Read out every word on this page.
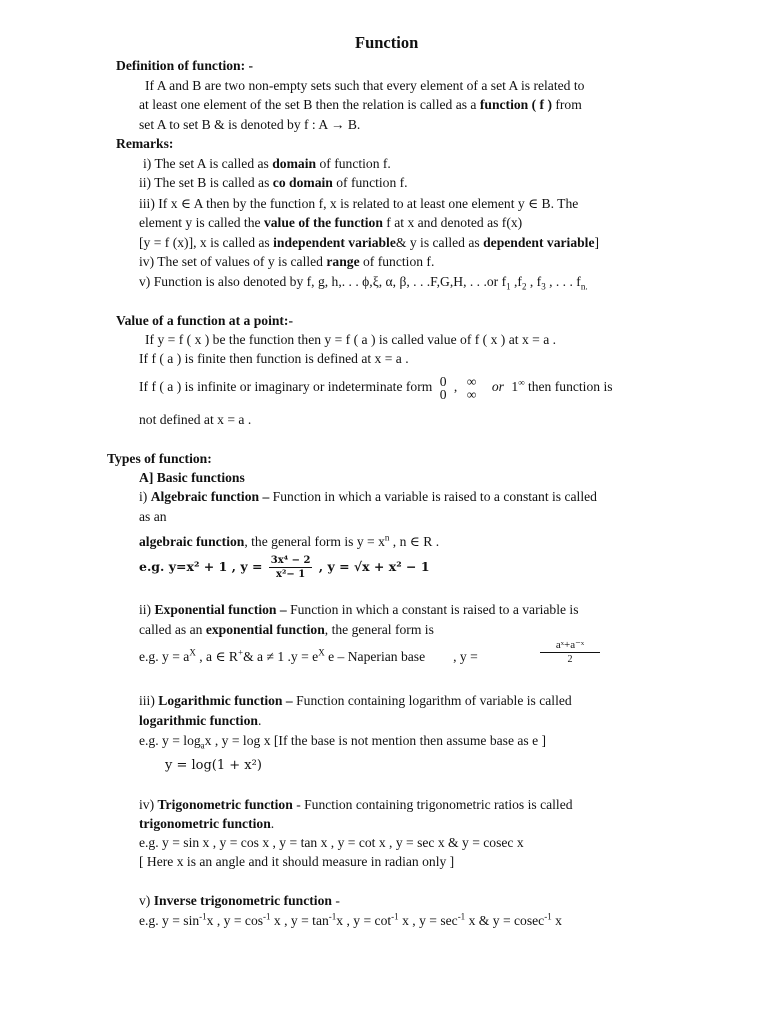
Function
Definition of function: -
If A and B are two non-empty sets such that every element of a set A is related to
at least one element of the set B then the relation is called as a function ( f ) from
set A to set B & is denoted by f : A → B.
Remarks:
i) The set A is called as domain of function f.
ii) The set B is called as co domain of function f.
iii) If x ∈ A then by the function f, x is related to at least one element y ∈ B. The
element y is called the value of the function f at x and denoted as f(x)
[y = f (x)], x is called as independent variable& y is called as dependent variable]
iv) The set of values of y is called range of function f.
v) Function is also denoted by f, g, h,. . . ϕ,ξ, α, β, . . .F,G,H, . . .or $f_1$ $,f_2$ , $f_3$ , . . . $f_{n.}$
Value of a function at a point:-
If y = f ( x ) be the function then y = f ( a ) is called value of f ( x ) at x = a .
If f ( a ) is finite then function is defined at x = a .
If f ( a ) is infinite or imaginary or indeterminate form 0
0
, ∞
∞
or 1∞ then function is
not defined at x = a .
Types of function:
A] Basic functions
i) Algebraic function – Function in which a variable is raised to a constant is called
as an
algebraic function, the general form is $y = x^n$ , n ∈ R .
e.g. y=x² + 1 , $y = \frac{\text{3x⁴ − 2}}{\text{x²− 1}}$ , y = √x + x² − 1
ii) Exponential function – Function in which a constant is raised to a variable is
called as an exponential function, the general form is
e.g. $y = a^X$ , a ∈ R+& a ≠ 1 $.y = e^X$ e – Naperian base , y =
aˣ+a⁻ˣ
2
iii) Logarithmic function – Function containing logarithm of variable is called
logarithmic function.
e.g. $y = \log_ax$ , y = log x [If the base is not mention then assume base as e ]
y = log(1 + x²)
iv) Trigonometric function - Function containing trigonometric ratios is called
trigonometric function.
e.g. y = sin x , y = cos x , y = tan x , y = cot x , y = sec x & y = cosec x
[ Here x is an angle and it should measure in radian only ]
v) Inverse trigonometric function -
e.g. $y = \sin^{-1}x$ , $y = \cos^{-1} x$ , $y = \tan^{-1}x$ , $y = \cot^{-1} x$ , $y = \sec^{-1} x$ & y = cosec$^{-1}$ x
